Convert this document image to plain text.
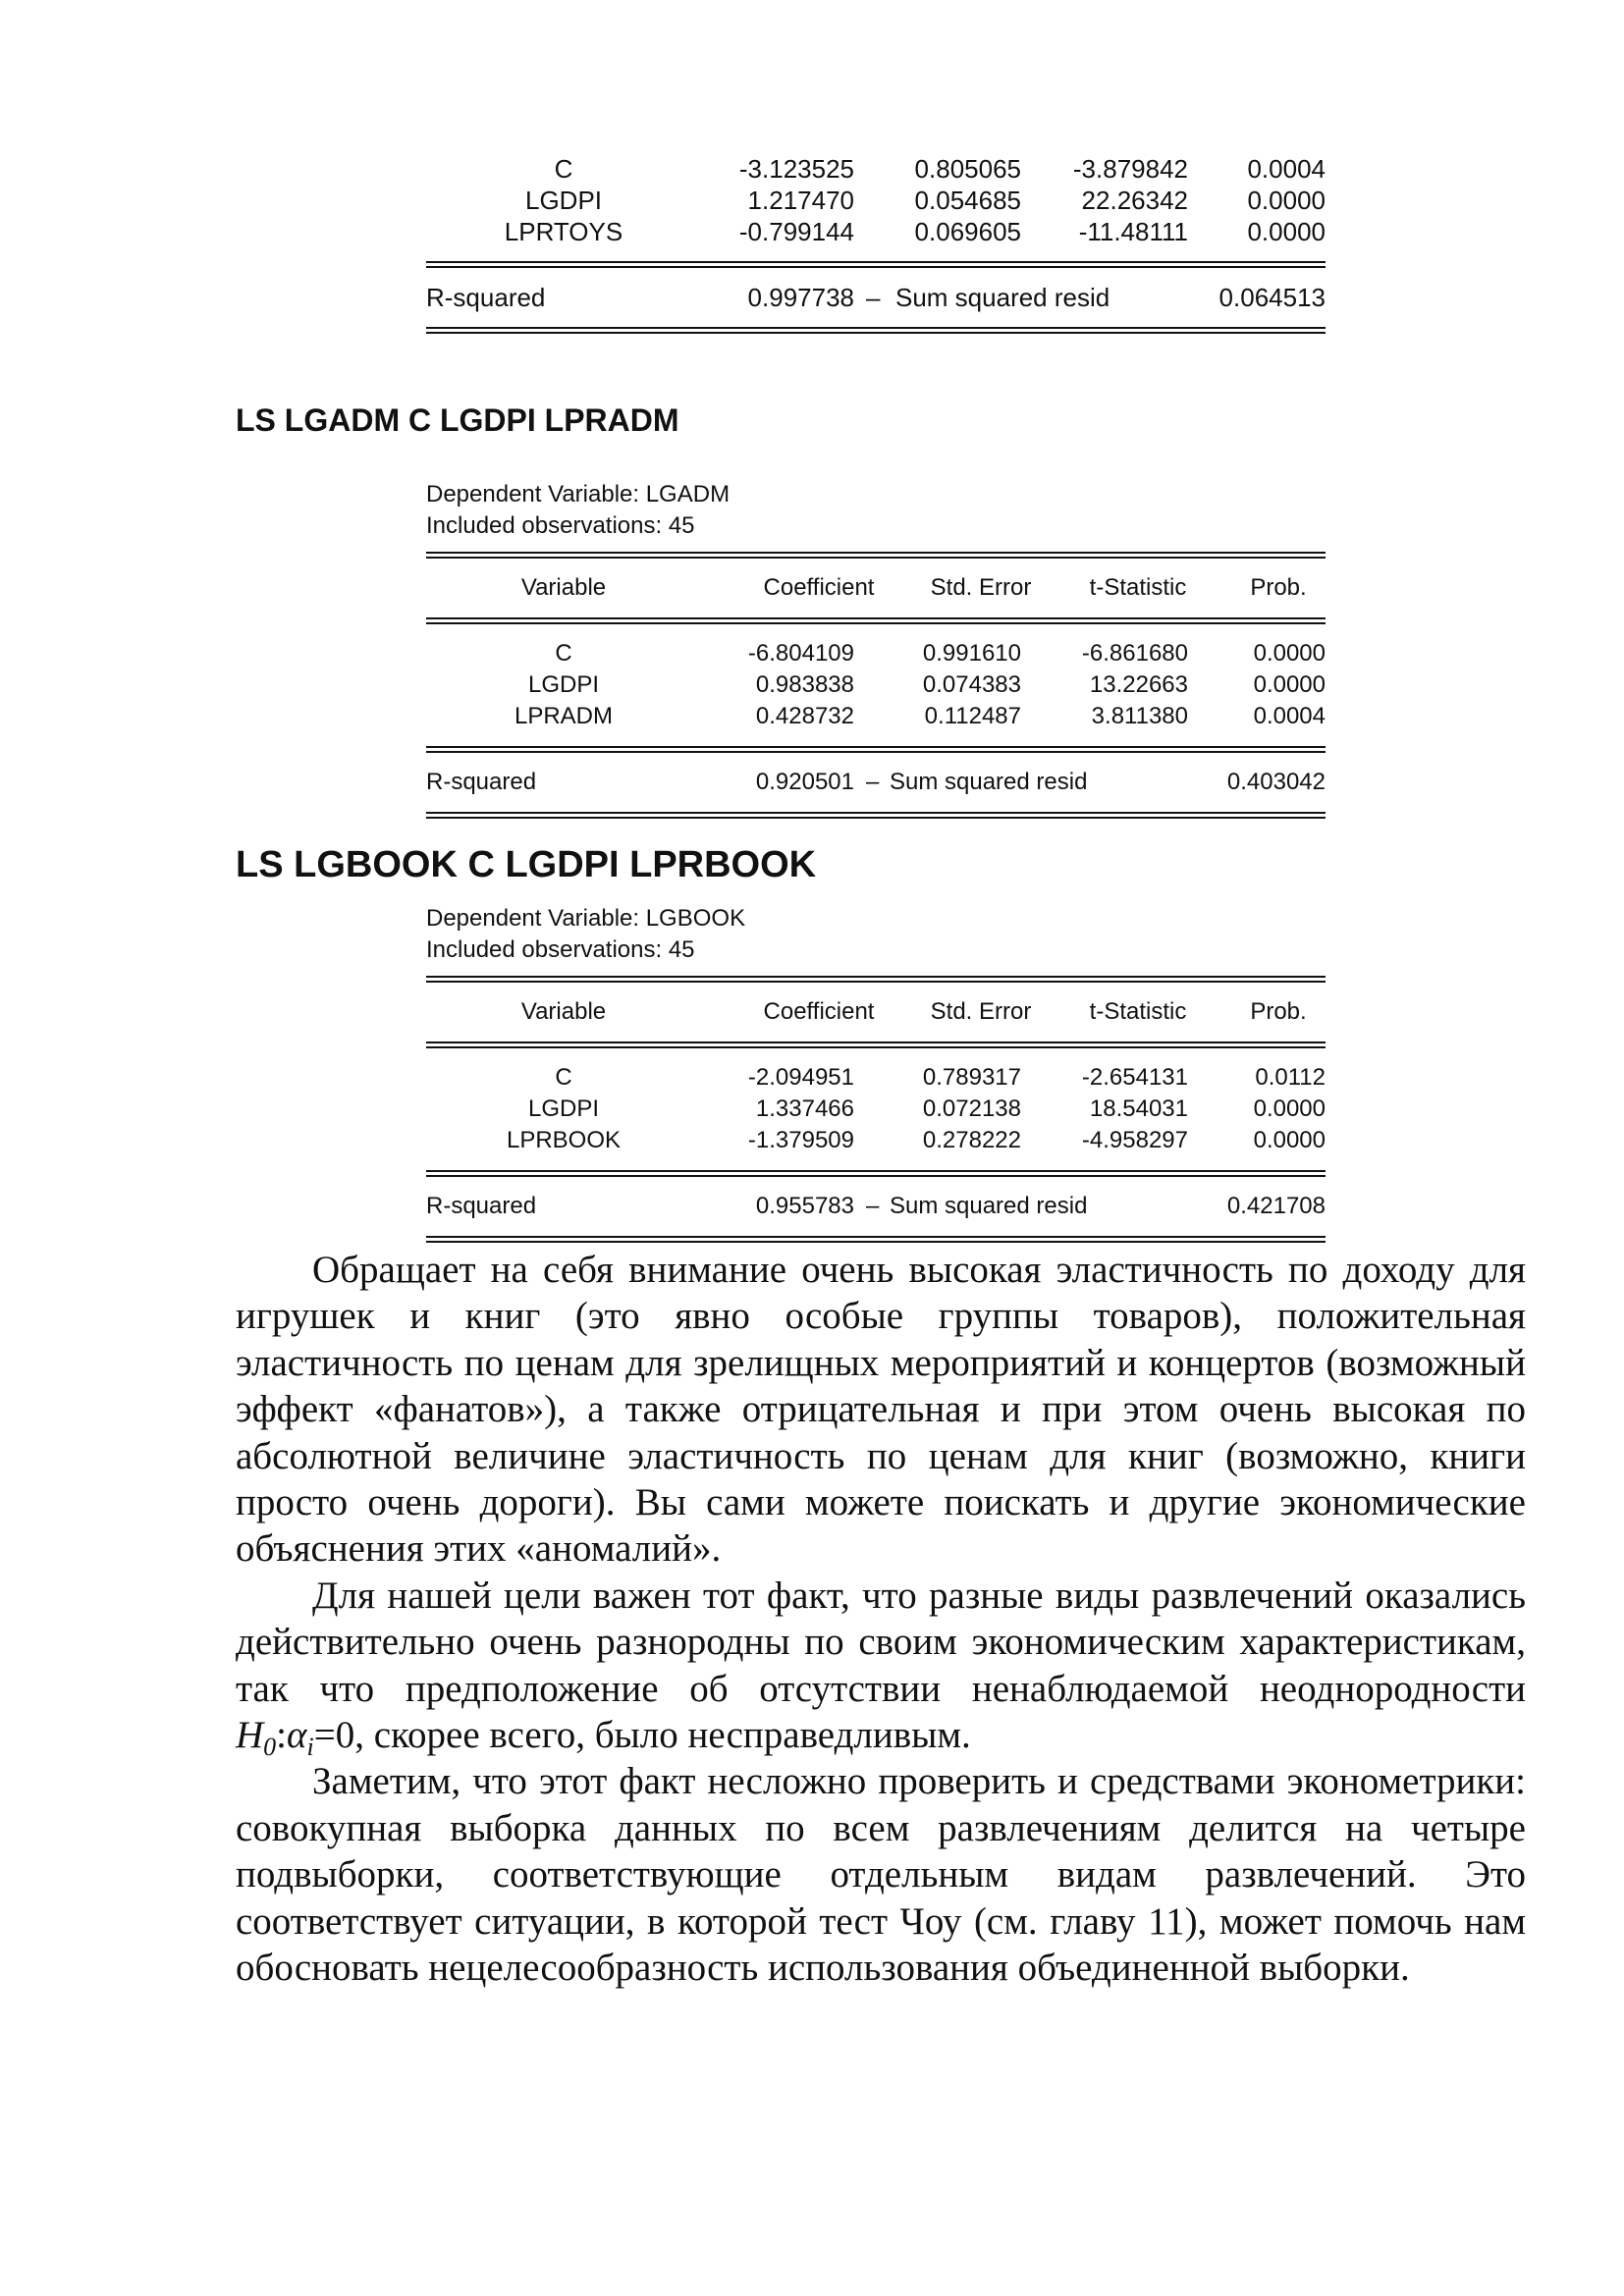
C	-3.123525 0.805065 -3.879842 0.0004
LGDPI	1.217470 0.054685 22.26342 0.0000
LPRTOYS	-0.799144 0.069605 -11.48111 0.0000
R-squared	0.997738 – Sum squared resid	0.064513
LS LGADM C LGDPI LPRADM
Dependent Variable: LGADM
Included observations: 45
Variable	Coefficient	Std. Error	t-Statistic	Prob.
C	-6.804109	0.991610	-6.861680	0.0000
LGDPI	0.983838	0.074383	13.22663	0.0000
LPRADM	0.428732	0.112487	3.811380	0.0004
R-squared	0.920501 – Sum squared resid	0.403042
LS LGBOOK C LGDPI LPRBOOK
Dependent Variable: LGBOOK
Included observations: 45
Variable	Coefficient	Std. Error	t-Statistic	Prob.
C	-2.094951	0.789317	-2.654131	0.0112
LGDPI	1.337466	0.072138	18.54031	0.0000
LPRBOOK	-1.379509	0.278222	-4.958297	0.0000
R-squared	0.955783 – Sum squared resid	0.421708

Обращает на себя внимание очень высокая эластичность по доходу для игрушек и книг (это явно особые группы товаров), положительная эластичность по ценам для зрелищных мероприятий и концертов (возможный эффект «фанатов»), а также отрицательная и при этом очень высокая по абсолютной величине эластичность по ценам для книг (возможно, книги просто очень дороги). Вы сами можете поискать и другие экономические объяснения этих «аномалий».

Для нашей цели важен тот факт, что разные виды развлечений оказались действительно очень разнородны по своим экономическим характеристикам, так что предположение об отсутствии ненаблюдаемой неоднородности $H_0:\alpha_i=0$, скорее всего, было несправедливым.

Заметим, что этот факт несложно проверить и средствами эконометрики: совокупная выборка данных по всем развлечениям делится на четыре подвыборки, соответствующие отдельным видам развлечений. Это соответствует ситуации, в которой тест Чоу (см. главу 11), может помочь нам обосновать нецелесообразность использования объединенной выборки.
